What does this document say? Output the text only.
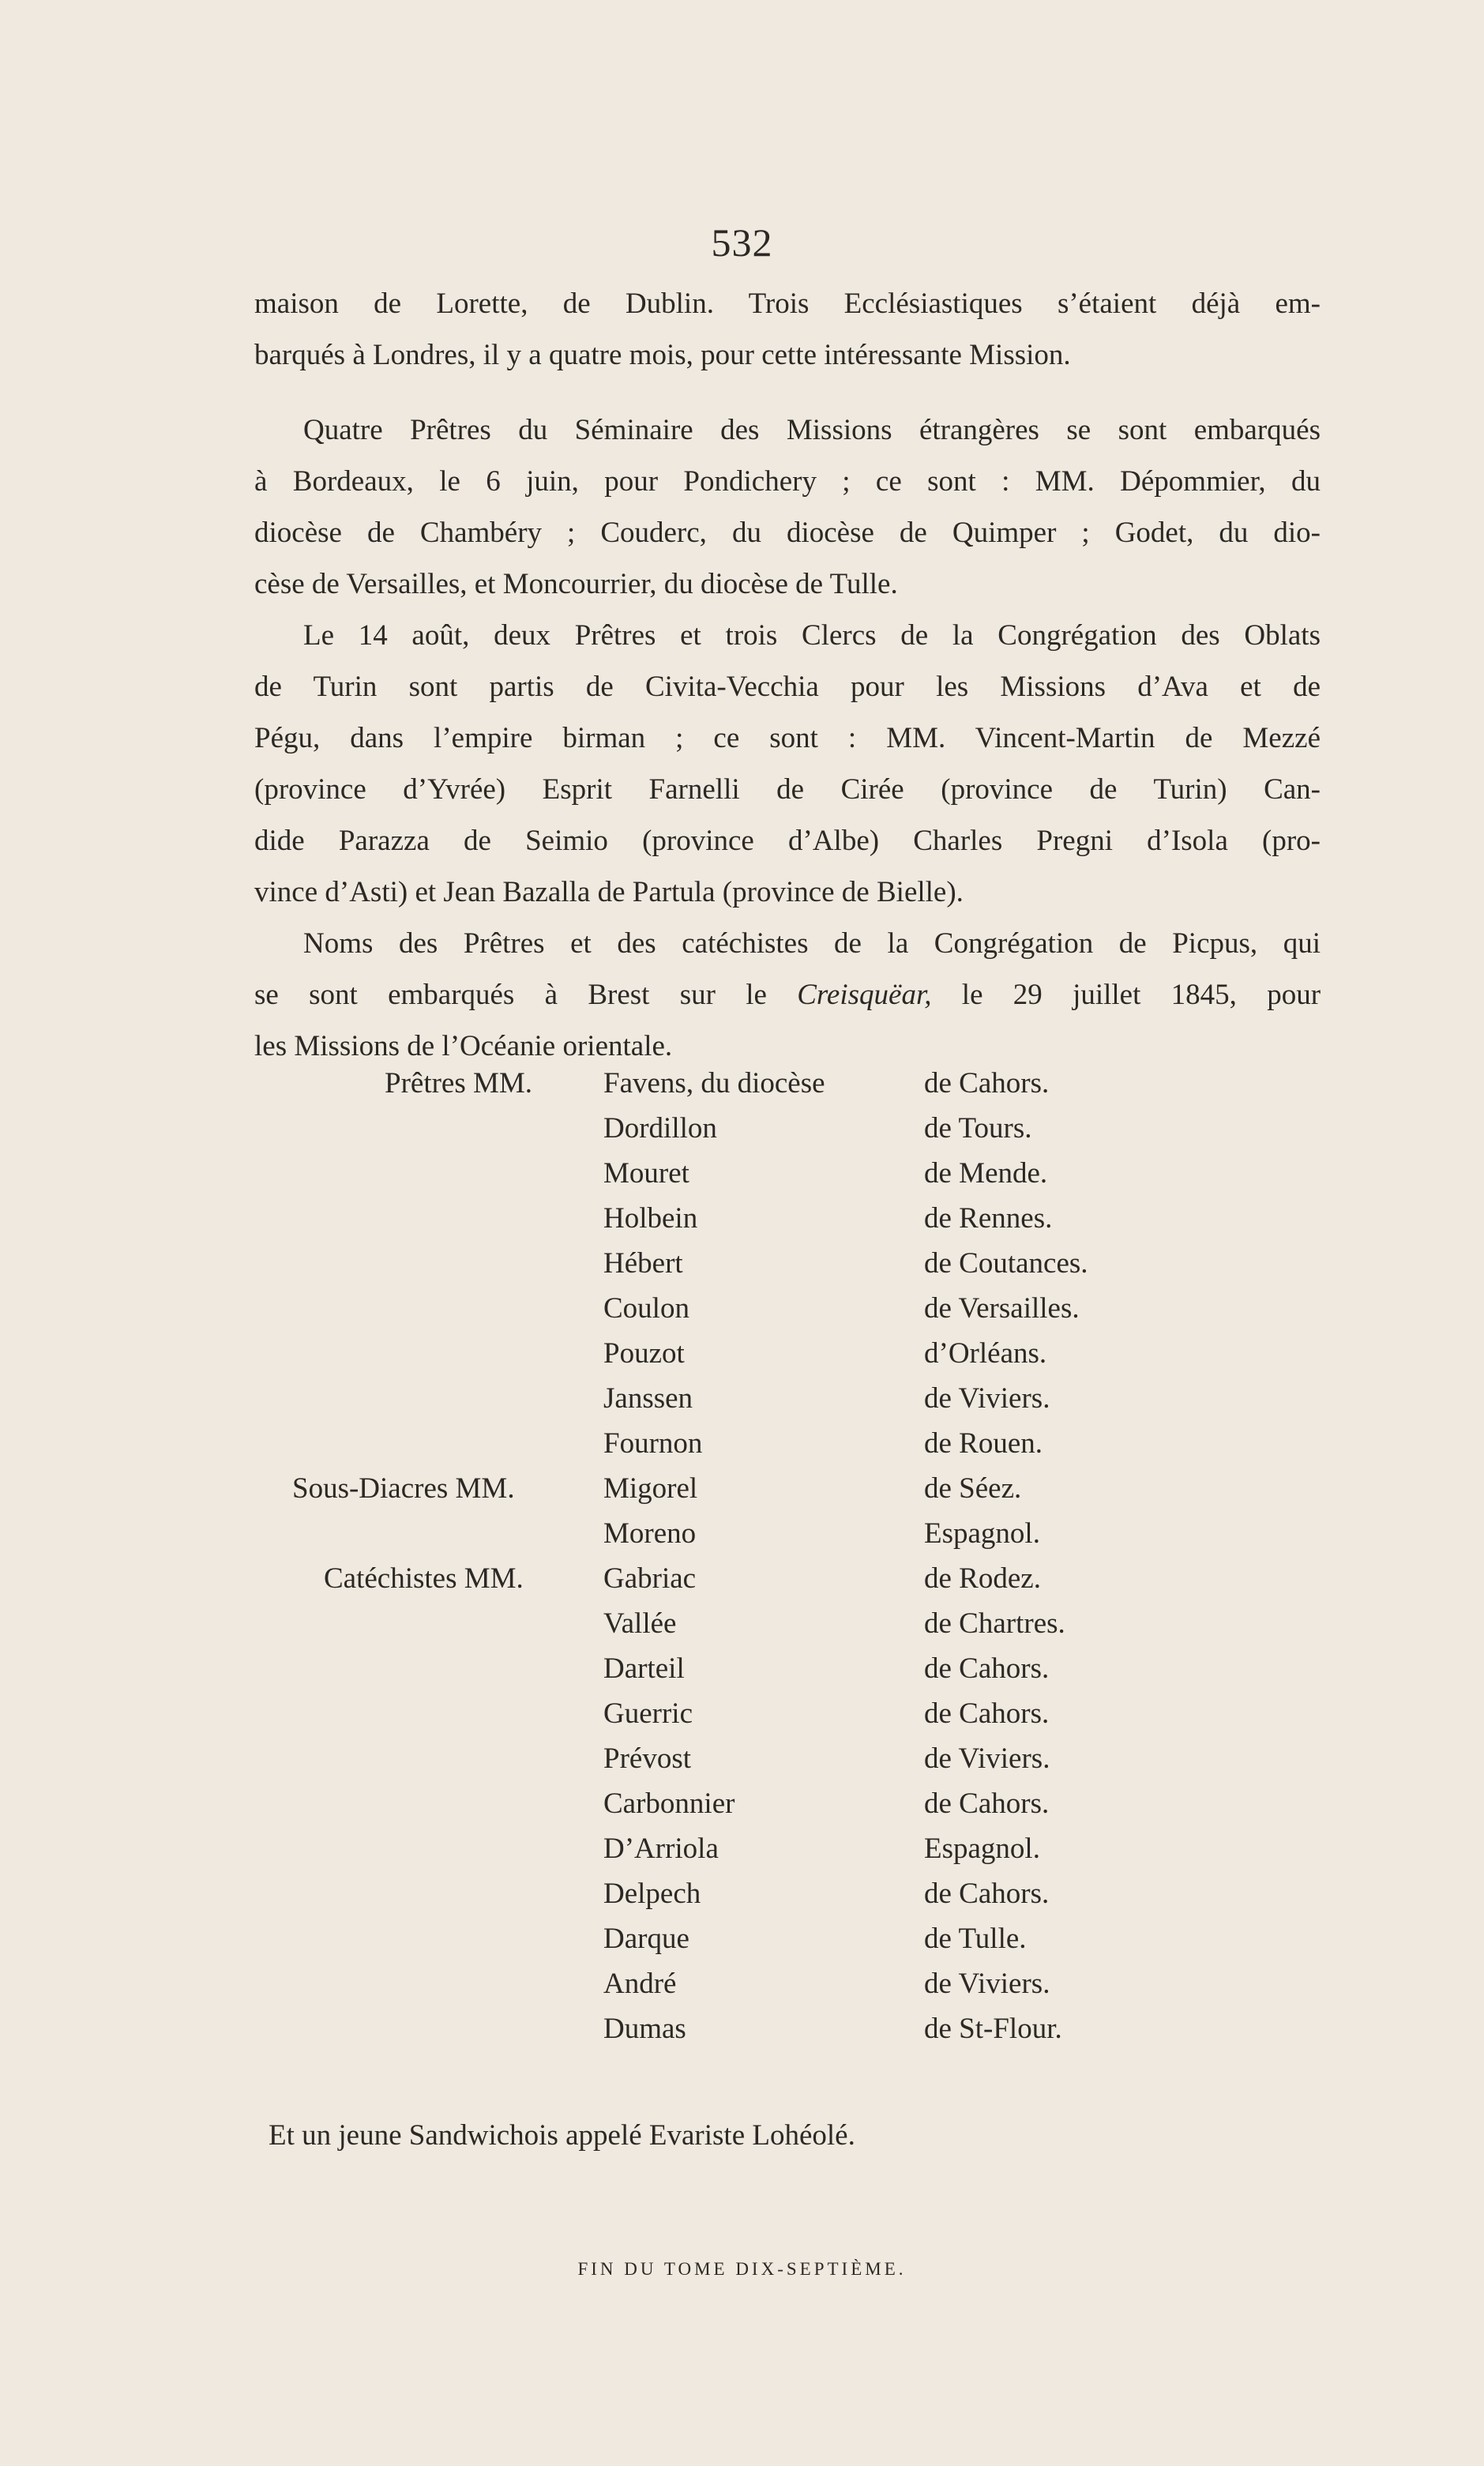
532
maison de Lorette, de Dublin. Trois Ecclésiastiques s’étaient déjà em-
barqués à Londres, il y a quatre mois, pour cette intéressante Mission.
Quatre Prêtres du Séminaire des Missions étrangères se sont embarqués
à Bordeaux, le 6 juin, pour Pondichery ; ce sont : MM. Dépommier, du
diocèse de Chambéry ; Couderc, du diocèse de Quimper ; Godet, du dio-
cèse de Versailles, et Moncourrier, du diocèse de Tulle.
Le 14 août, deux Prêtres et trois Clercs de la Congrégation des Oblats
de Turin sont partis de Civita-Vecchia pour les Missions d’Ava et de
Pégu, dans l’empire birman ; ce sont : MM. Vincent-Martin de Mezzé
(province d’Yvrée) Esprit Farnelli de Cirée (province de Turin) Can-
dide Parazza de Seimio (province d’Albe) Charles Pregni d’Isola (pro-
vince d’Asti) et Jean Bazalla de Partula (province de Bielle).
Noms des Prêtres et des catéchistes de la Congrégation de Picpus, qui
se sont embarqués à Brest sur le Creisquëar, le 29 juillet 1845, pour
les Missions de l’Océanie orientale.
Prêtres MM. Favens, du diocèse	de Cahors.
Dordillon	de Tours.
Mouret	de Mende.
Holbein	de Rennes.
Hébert	de Coutances.
Coulon	de Versailles.
Pouzot	d’Orléans.
Janssen	de Viviers.
Fournon	de Rouen.
Sous-Diacres MM.	Migorel	de Séez.
Moreno	Espagnol.
Catéchistes MM.	Gabriac	de Rodez.
Vallée	de Chartres.
Darteil	de Cahors.
Guerric	de Cahors.
Prévost	de Viviers.
Carbonnier	de Cahors.
D’Arriola	Espagnol.
Delpech	de Cahors.
Darque	de Tulle.
André	de Viviers.
Dumas	de St-Flour.
Et un jeune Sandwichois appelé Evariste Lohéolé.
FIN DU TOME DIX-SEPTIÈME.
